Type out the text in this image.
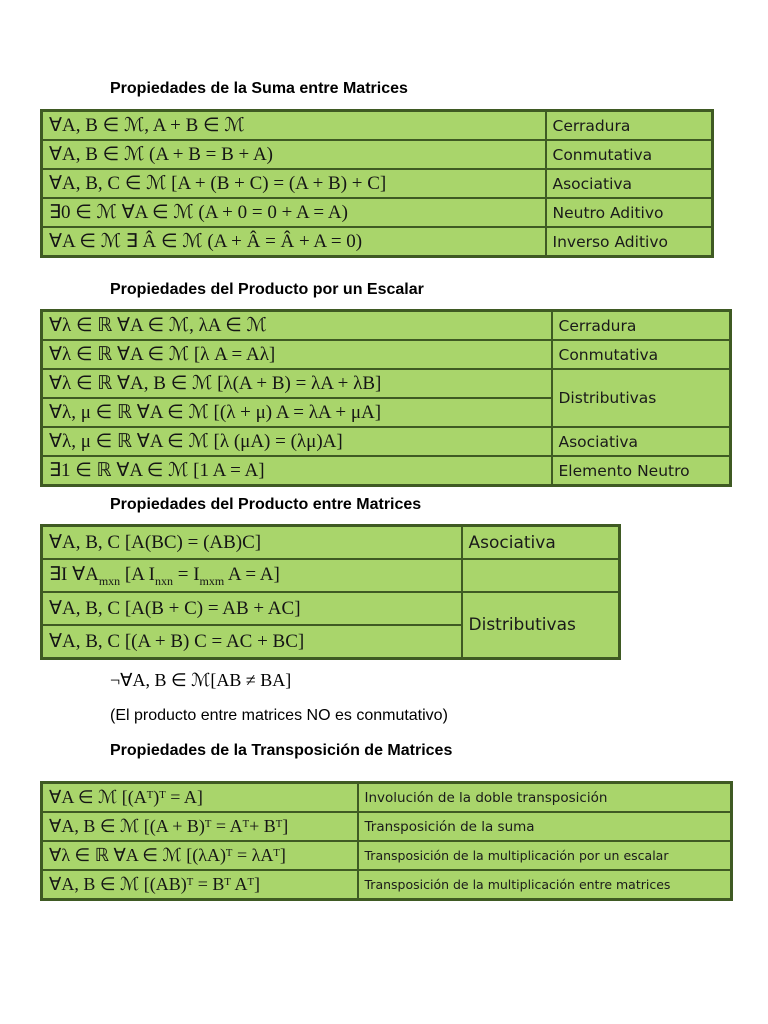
Propiedades de la Suma entre Matrices
∀A, B ∈ ℳ, A + B ∈ ℳ	Cerradura
∀A, B ∈ ℳ (A + B = B + A)	Conmutativa
∀A, B, C ∈ ℳ [A + (B + C) = (A + B) + C]	Asociativa
∃0 ∈ ℳ ∀A ∈ ℳ (A + 0 = 0 + A = A)	Neutro Aditivo
∀A ∈ ℳ ∃ Â ∈ ℳ (A + Â = Â + A = 0)	Inverso Aditivo
Propiedades del Producto por un Escalar
∀λ ∈ ℝ ∀A ∈ ℳ, λA ∈ ℳ	Cerradura
∀λ ∈ ℝ ∀A ∈ ℳ [λ A = Aλ]	Conmutativa
∀λ ∈ ℝ ∀A, B ∈ ℳ [λ(A + B) = λA + λB]	Distributivas
∀λ, μ ∈ ℝ ∀A ∈ ℳ [(λ + μ) A = λA + μA]	
∀λ, μ ∈ ℝ ∀A ∈ ℳ [λ (μA) = (λμ)A]	Asociativa
∃1 ∈ ℝ ∀A ∈ ℳ [1 A = A]	Elemento Neutro
Propiedades del Producto entre Matrices
∀A, B, C [A(BC) = (AB)C]	Asociativa
∃I $\forall A_{mxn}$ [A $I_{nxn} = I_{mxm}$ A = A]	
∀A, B, C [A(B + C) = AB + AC]	Distributivas
∀A, B, C [(A + B) C = AC + BC]	
¬∀A, B ∈ ℳ[AB ≠ BA]
(El producto entre matrices NO es conmutativo)
Propiedades de la Transposición de Matrices
∀A ∈ ℳ [(Aᵀ)ᵀ = A]	Involución de la doble transposición
∀A, B ∈ ℳ [(A + B)ᵀ = Aᵀ+ Bᵀ]	Transposición de la suma
∀λ ∈ ℝ ∀A ∈ ℳ [(λA)ᵀ = λAᵀ]	Transposición de la multiplicación por un escalar
∀A, B ∈ ℳ [(AB)ᵀ = Bᵀ Aᵀ]	Transposición de la multiplicación entre matrices
